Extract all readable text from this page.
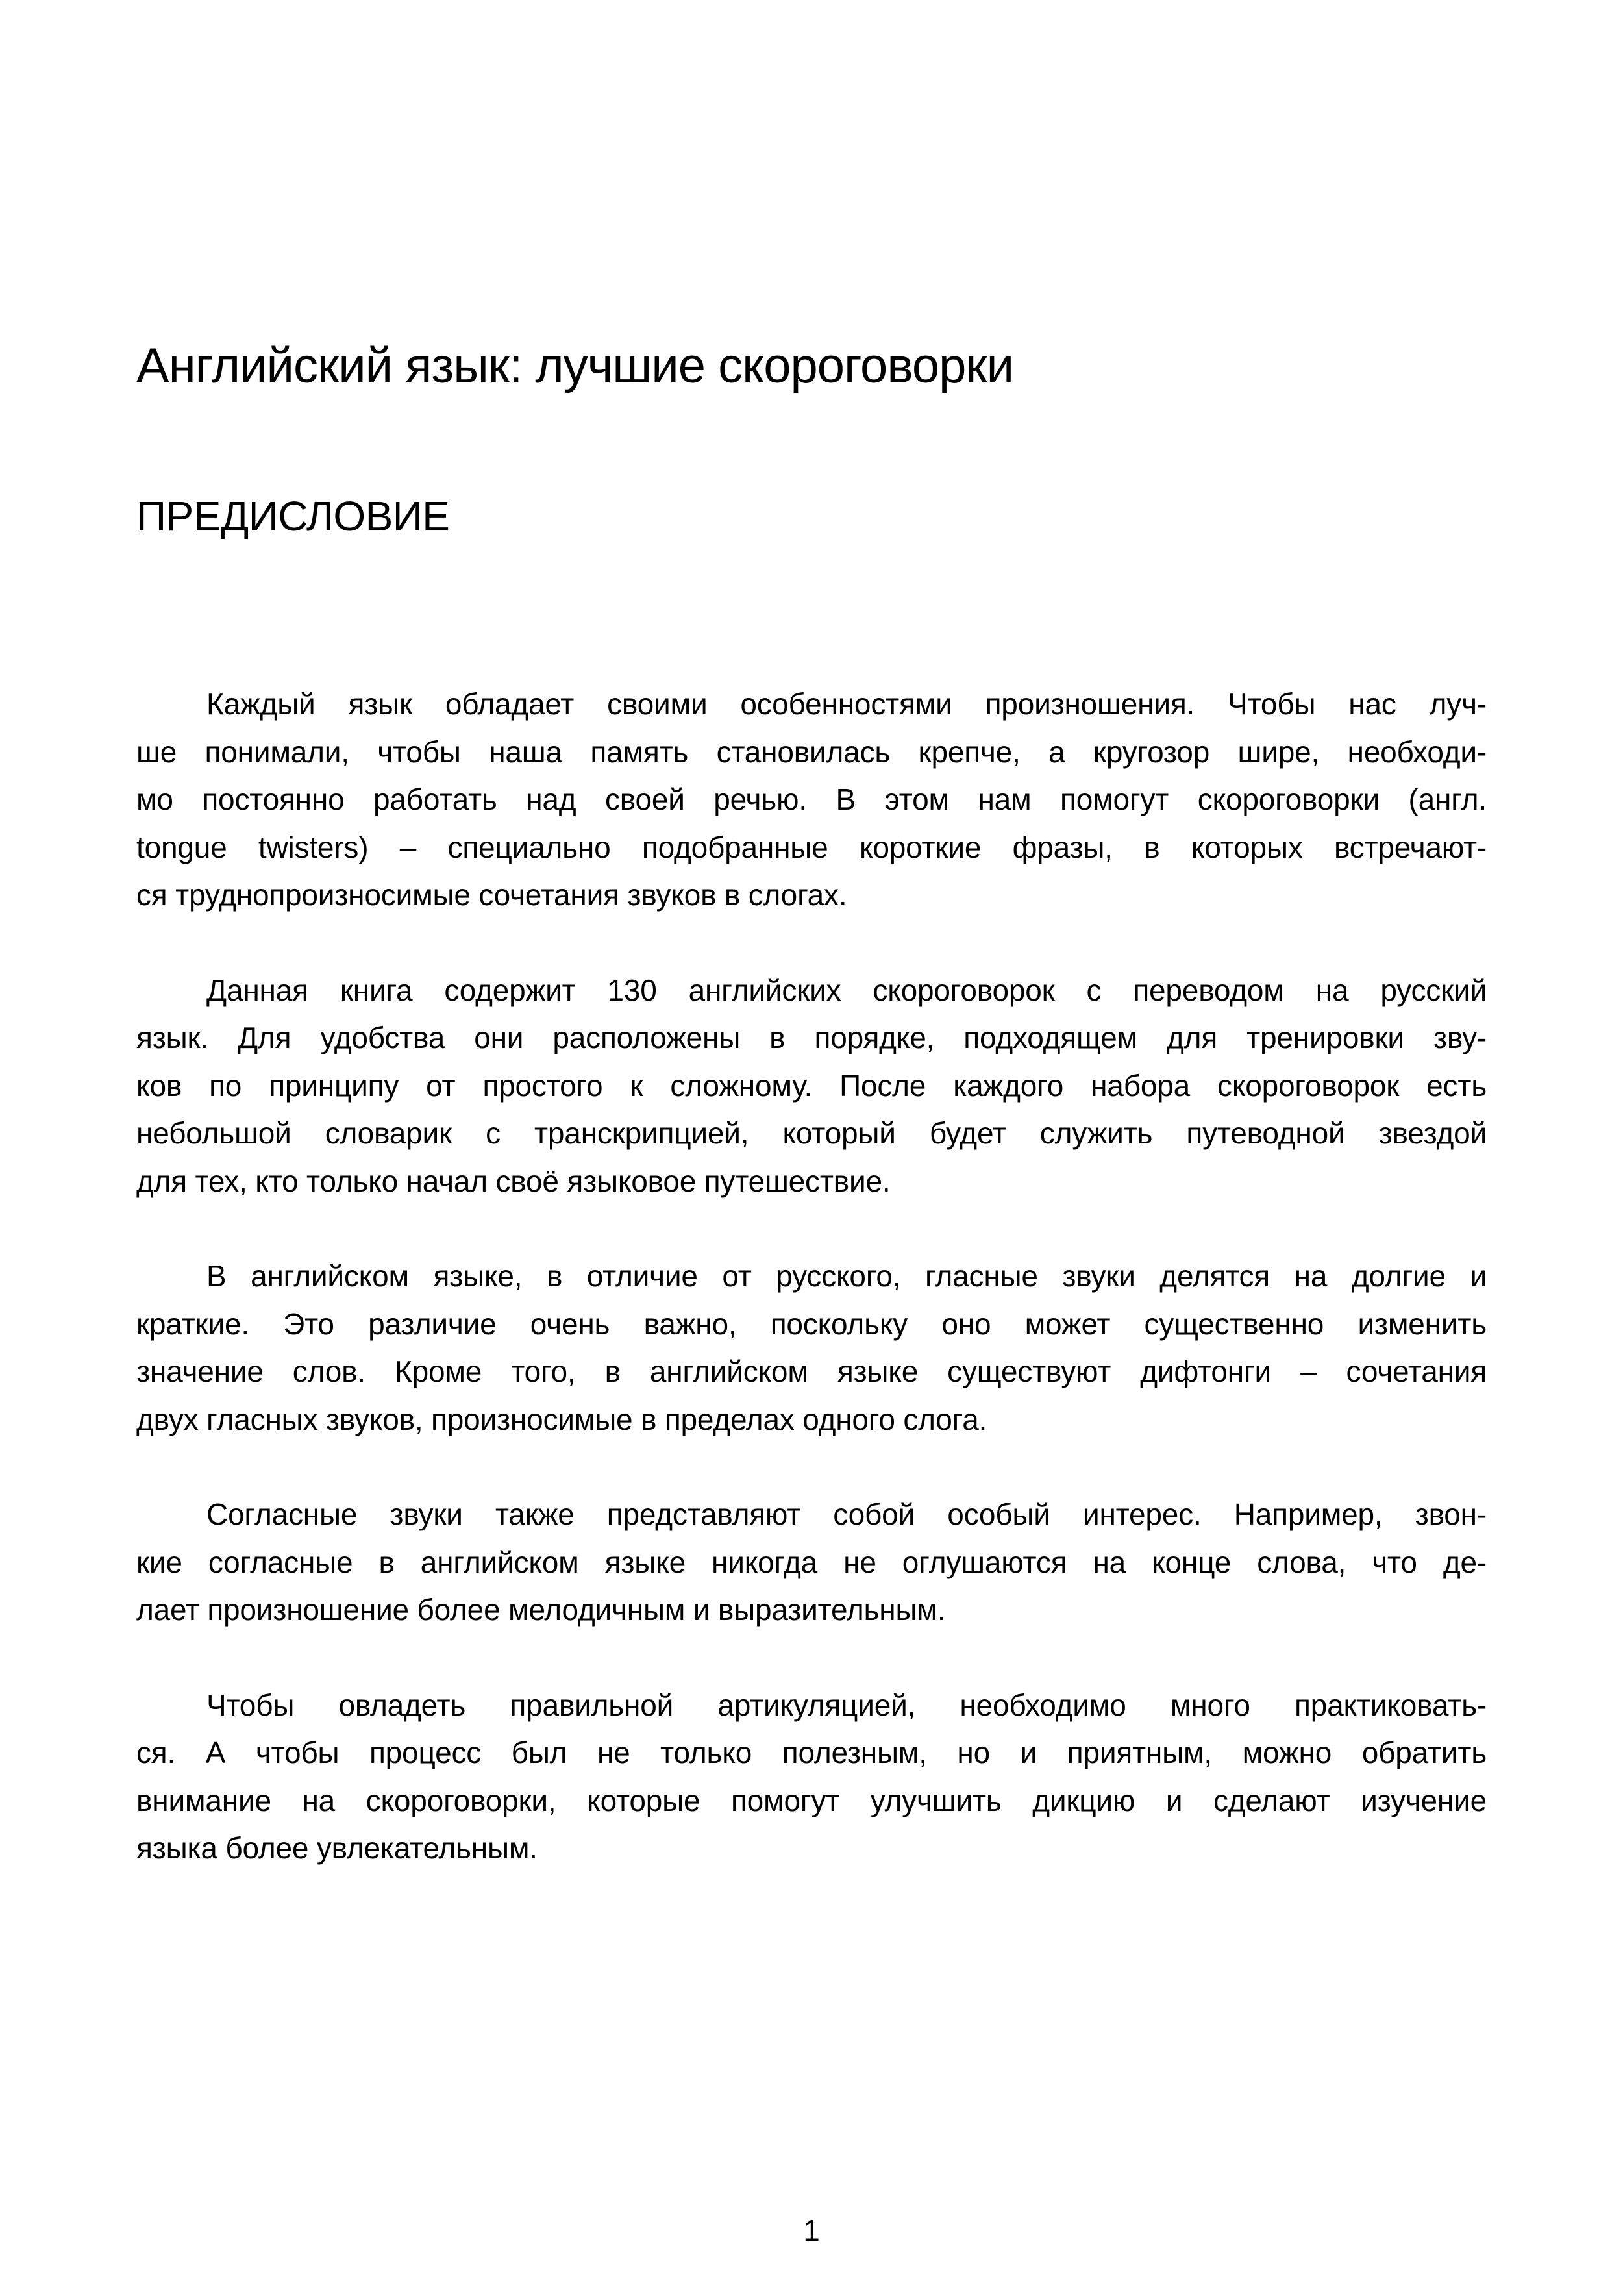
Английский язык: лучшие скороговорки
ПРЕДИСЛОВИЕ
Каждый язык обладает своими особенностями произношения. Чтобы нас луч-
ше понимали, чтобы наша память становилась крепче, а кругозор шире, необходи-
мо постоянно работать над своей речью. В этом нам помогут скороговорки (англ.
tongue twisters) – специально подобранные короткие фразы, в которых встречают-
ся труднопроизносимые сочетания звуков в слогах.
Данная книга содержит 130 английских скороговорок с переводом на русский
язык. Для удобства они расположены в порядке, подходящем для тренировки зву-
ков по принципу от простого к сложному. После каждого набора скороговорок есть
небольшой словарик с транскрипцией, который будет служить путеводной звездой
для тех, кто только начал своё языковое путешествие.
В английском языке, в отличие от русского, гласные звуки делятся на долгие и
краткие. Это различие очень важно, поскольку оно может существенно изменить
значение слов. Кроме того, в английском языке существуют дифтонги – сочетания
двух гласных звуков, произносимые в пределах одного слога.
Согласные звуки также представляют собой особый интерес. Например, звон-
кие согласные в английском языке никогда не оглушаются на конце слова, что де-
лает произношение более мелодичным и выразительным.
Чтобы овладеть правильной артикуляцией, необходимо много практиковать-
ся. А чтобы процесс был не только полезным, но и приятным, можно обратить
внимание на скороговорки, которые помогут улучшить дикцию и сделают изучение
языка более увлекательным.
1
